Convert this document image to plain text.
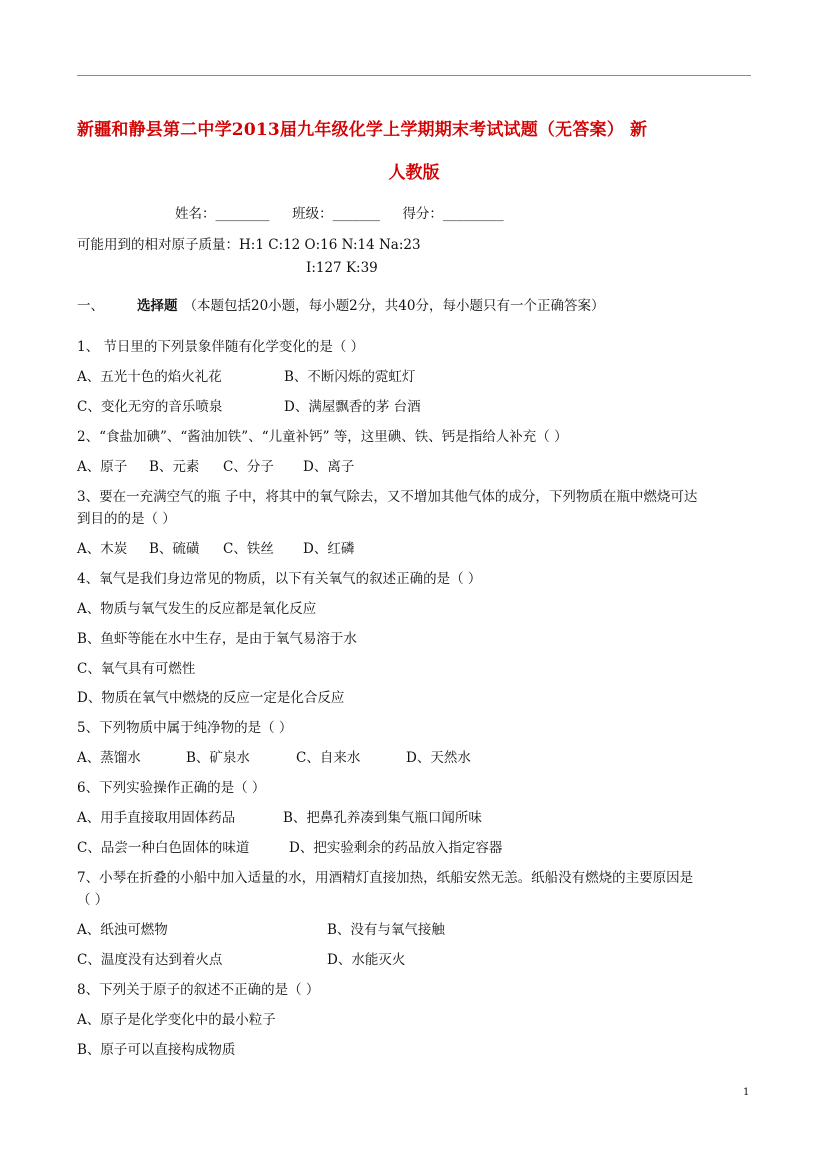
新疆和静县第二中学2013届九年级化学上学期期末考试试题（无答案） 新
人教版
姓名：________ 班级：_______ 得分：_________
可能用到的相对原子质量：H:1 C:12 O:16 N:14 Na:23
I:127 K:39
一、 选择题 （本题包括20小题，每小题2分，共40分，每小题只有一个正确答案）
1、 节日里的下列景象伴随有化学变化的是（ ）
A、五光十色的焰火礼花	B、不断闪烁的霓虹灯
C、变化无穷的音乐喷泉	D、满屋飘香的茅 台酒
2、“食盐加碘”、“酱油加铁”、“儿童补钙” 等，这里碘、铁、钙是指给人补充（ ）
A、原子 B、元素 C、分子 D、离子
3、要在一充满空气的瓶 子中，将其中的氧气除去，又不增加其他气体的成分，下列物质在瓶中燃烧可达
到目的的是（ ）
A、木炭 B、硫磺 C、铁丝 D、红磷
4、氧气是我们身边常见的物质，以下有关氧气的叙述正确的是（ ）
A、物质与氧气发生的反应都是氧化反应
B、鱼虾等能在水中生存，是由于氧气易溶于水
C、氧气具有可燃性
D、物质在氧气中燃烧的反应一定是化合反应
5、下列物质中属于纯净物的是（ ）
A、蒸馏水	B、矿泉水	C、自来水	D、天然水
6、下列实验操作正确的是（ ）
A、用手直接取用固体药品	B、把鼻孔养凑到集气瓶口闻所味
C、品尝一种白色固体的味道	D、把实验剩余的药品放入指定容器
7、小琴在折叠的小船中加入适量的水，用酒精灯直接加热，纸船安然无恙。纸船没有燃烧的主要原因是
（ ）
A、纸浊可燃物	B、没有与氧气接触
C、温度没有达到着火点	D、水能灭火
8、下列关于原子的叙述不正确的是（ ）
A、原子是化学变化中的最小粒子
B、原子可以直接构成物质
1
